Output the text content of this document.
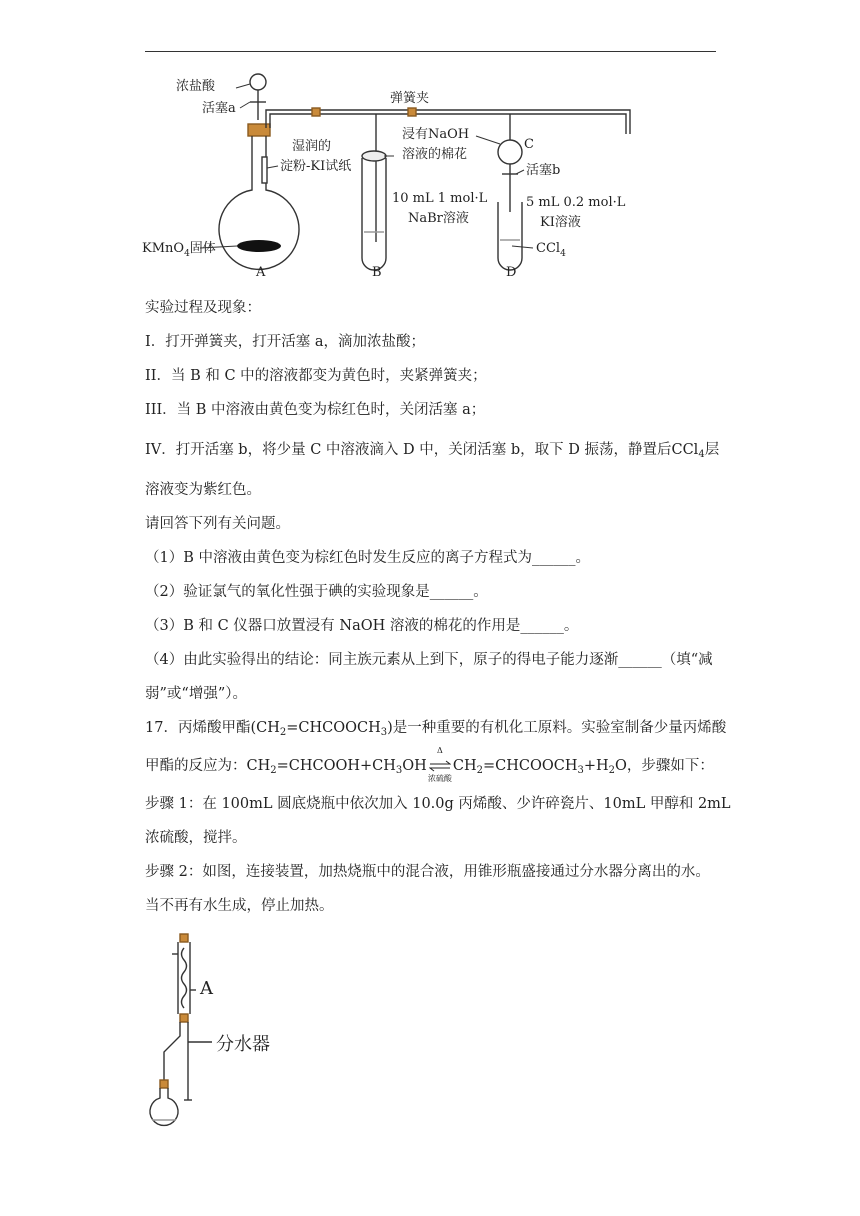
浓盐酸
活塞a
弹簧夹
湿润的
淀粉-KI试纸
浸有NaOH
溶液的棉花
C
活塞b
10 mL 1 mol·L
NaBr溶液
5 mL 0.2 mol·L
KI溶液
KMnO$_4$固体	CCl$_4$
A	B	D
实验过程及现象：
I．打开弹簧夹，打开活塞 a，滴加浓盐酸；
II．当 B 和 C 中的溶液都变为黄色时，夹紧弹簧夹；
III．当 B 中溶液由黄色变为棕红色时，关闭活塞 a；
IV．打开活塞 b，将少量 C 中溶液滴入 D 中，关闭活塞 b，取下 D 振荡，静置后CCl$_4$层
溶液变为紫红色。
请回答下列有关问题。
（1）B 中溶液由黄色变为棕红色时发生反应的离子方程式为______。
（2）验证氯气的氧化性强于碘的实验现象是______。
（3）B 和 C 仪器口放置浸有 NaOH 溶液的棉花的作用是______。
（4）由此实验得出的结论：同主族元素从上到下，原子的得电子能力逐渐______（填“减
弱”或“增强”）。
17．丙烯酸甲酯$(CH_2=CHCOOCH_3)$是一种重要的有机化工原料。实验室制备少量丙烯酸
甲酯的反应为：$CH_2=CHCOOH+CH_3OH$
Δ
浓硫酸
$CH_2=CHCOOCH_3+H_2O$，步骤如下：
步骤 1：在 100mL 圆底烧瓶中依次加入 10.0g 丙烯酸、少许碎瓷片、10mL 甲醇和 2mL
浓硫酸，搅拌。
步骤 2：如图，连接装置，加热烧瓶中的混合液，用锥形瓶盛接通过分水器分离出的水。
当不再有水生成，停止加热。
A
分水器
